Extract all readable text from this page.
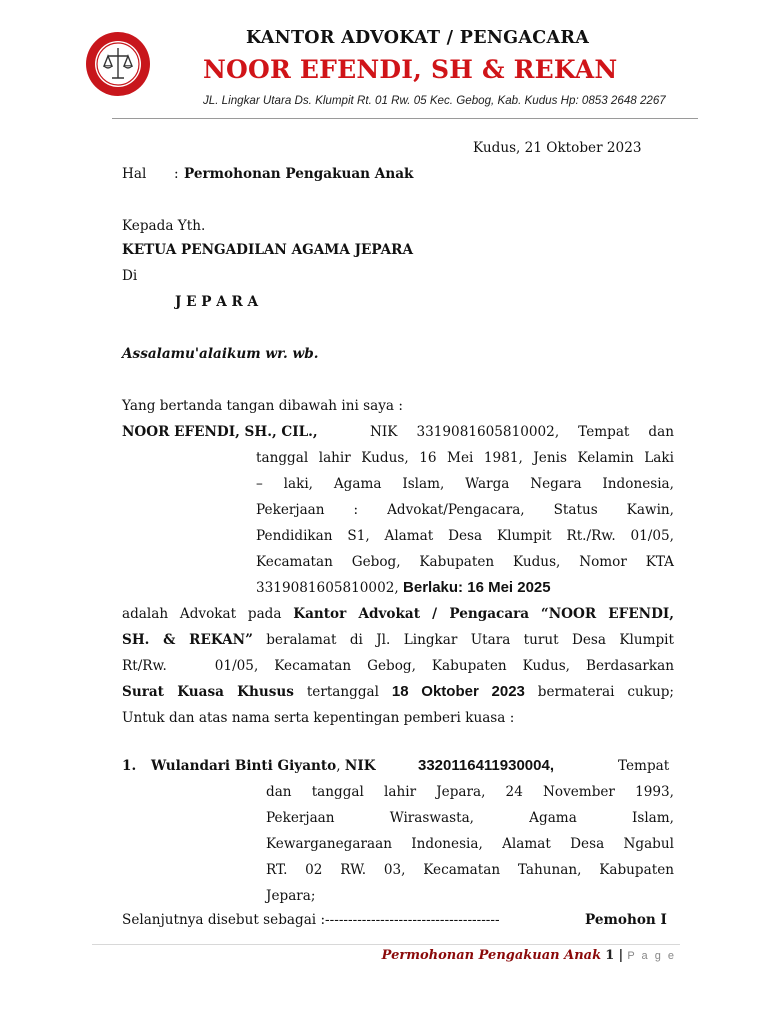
KANTOR ADVOKAT / PENGACARA
NOOR EFENDI, SH & REKAN
JL. Lingkar Utara Ds. Klumpit Rt. 01 Rw. 05 Kec. Gebog, Kab. Kudus Hp: 0853 2648 2267
Kudus, 21 Oktober 2023
Hal : Permohonan Pengakuan Anak
Kepada Yth.
KETUA PENGADILAN AGAMA JEPARA
Di
J E P A R A
Assalamu'alaikum wr. wb.
Yang bertanda tangan dibawah ini saya :
NOOR EFENDI, SH., CIL.,	NIK 3319081605810002, Tempat dan
tanggal lahir Kudus, 16 Mei 1981, Jenis Kelamin Laki
– laki, Agama Islam, Warga Negara Indonesia,
Pekerjaan : Advokat/Pengacara, Status Kawin,
Pendidikan S1, Alamat Desa Klumpit Rt./Rw. 01/05,
Kecamatan Gebog, Kabupaten Kudus, Nomor KTA
3319081605810002, Berlaku: 16 Mei 2025
adalah Advokat pada Kantor Advokat / Pengacara “NOOR EFENDI,
SH. & REKAN” beralamat di Jl. Lingkar Utara turut Desa Klumpit
Rt/Rw.   01/05, Kecamatan Gebog, Kabupaten Kudus, Berdasarkan
Surat Kuasa Khusus tertanggal 18 Oktober 2023 bermaterai cukup;
Untuk dan atas nama serta kepentingan pemberi kuasa :
1. Wulandari Binti Giyanto, NIK	3320116411930004,	Tempat
dan tanggal lahir Jepara, 24 November 1993,
Pekerjaan   Wiraswasta,   Agama   Islam,
Kewarganegaraan Indonesia, Alamat Desa Ngabul
RT. 02 RW. 03, Kecamatan Tahunan, Kabupaten
Jepara;
Selanjutnya disebut sebagai :--------------------------------------	Pemohon I
Permohonan Pengakuan Anak 1 | P a g e
